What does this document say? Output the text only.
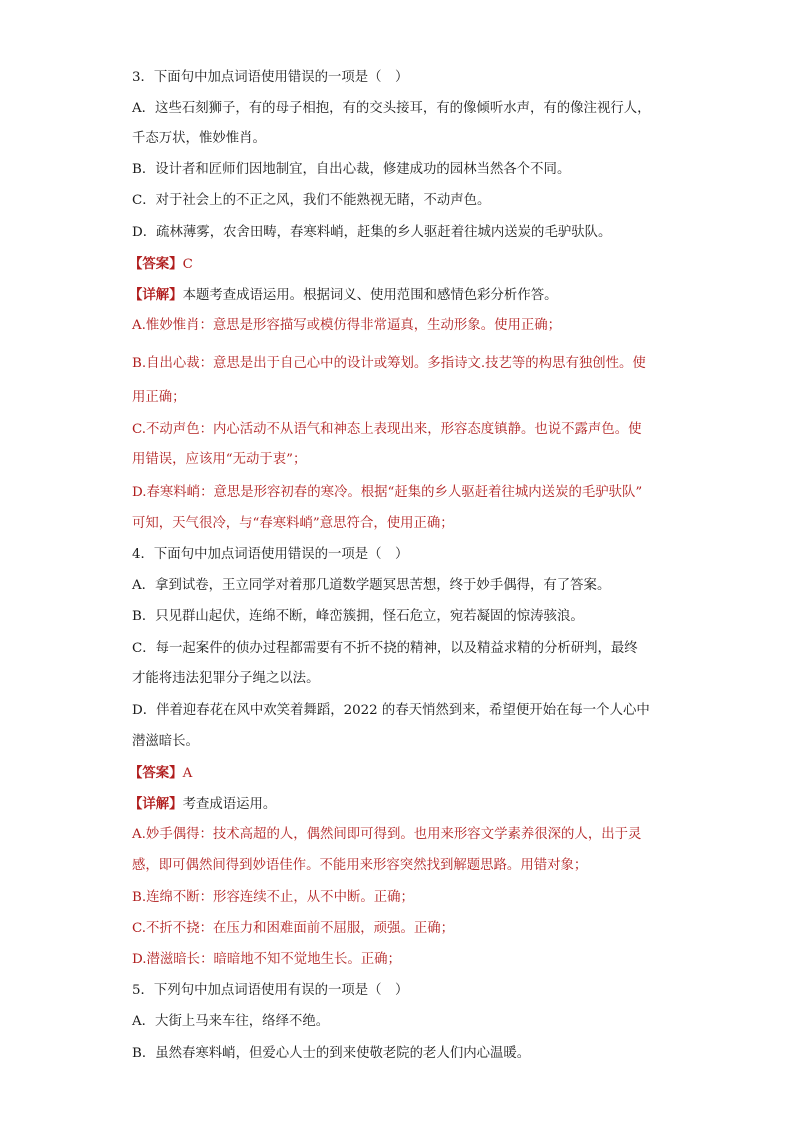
3．下面句中加点词语使用错误的一项是（　）
A．这些石刻狮子，有的母子相抱，有的交头接耳，有的像倾听水声，有的像注视行人，
千态万状，惟妙惟肖。
B．设计者和匠师们因地制宜，自出心裁，修建成功的园林当然各个不同。
C．对于社会上的不正之风，我们不能熟视无睹，不动声色。
D．疏林薄雾，农舍田畴，春寒料峭，赶集的乡人驱赶着往城内送炭的毛驴驮队。
【答案】C
【详解】本题考查成语运用。根据词义、使用范围和感情色彩分析作答。
A.惟妙惟肖：意思是形容描写或模仿得非常逼真，生动形象。使用正确；
B.自出心裁：意思是出于自己心中的设计或筹划。多指诗文.技艺等的构思有独创性。使
用正确；
C.不动声色：内心活动不从语气和神态上表现出来，形容态度镇静。也说不露声色。使
用错误，应该用“无动于衷”；
D.春寒料峭：意思是形容初春的寒冷。根据“赶集的乡人驱赶着往城内送炭的毛驴驮队”
可知，天气很冷，与“春寒料峭”意思符合，使用正确；
4．下面句中加点词语使用错误的一项是（　）
A．拿到试卷，王立同学对着那几道数学题冥思苦想，终于妙手偶得，有了答案。
B．只见群山起伏，连绵不断，峰峦簇拥，怪石危立，宛若凝固的惊涛骇浪。
C．每一起案件的侦办过程都需要有不折不挠的精神，以及精益求精的分析研判，最终
才能将违法犯罪分子绳之以法。
D．伴着迎春花在风中欢笑着舞蹈，2022 的春天悄然到来，希望便开始在每一个人心中
潜滋暗长。
【答案】A
【详解】考查成语运用。
A.妙手偶得：技术高超的人，偶然间即可得到。也用来形容文学素养很深的人，出于灵
感，即可偶然间得到妙语佳作。不能用来形容突然找到解题思路。用错对象；
B.连绵不断：形容连续不止，从不中断。正确；
C.不折不挠：在压力和困难面前不屈服，顽强。正确；
D.潜滋暗长：暗暗地不知不觉地生长。正确；
5．下列句中加点词语使用有误的一项是（　）
A．大街上马来车往，络绎不绝。
B．虽然春寒料峭，但爱心人士的到来使敬老院的老人们内心温暖。
